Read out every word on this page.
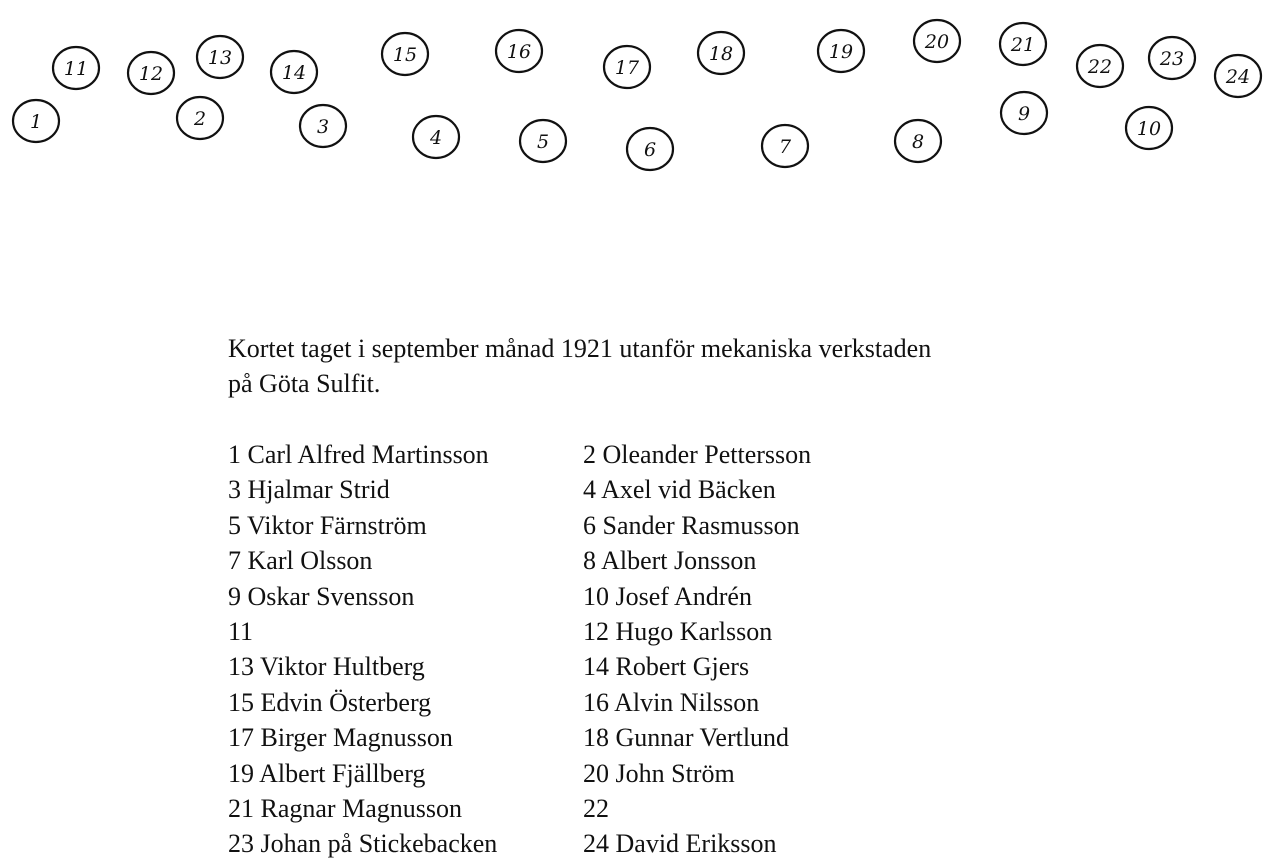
1	2	3	4	5	6	7	8
9
10
11	12
13
14
15	16
17
18	19	20	21
22	23
24
Kortet taget i september månad 1921 utanför mekaniska verkstaden
på Göta Sulfit.
1 Carl Alfred Martinsson	2 Oleander Pettersson
3 Hjalmar Strid	4 Axel vid Bäcken
5 Viktor Färnström	6 Sander Rasmusson
7 Karl Olsson	8 Albert Jonsson
9 Oskar Svensson	10 Josef Andrén
11	12 Hugo Karlsson
13 Viktor Hultberg	14 Robert Gjers
15 Edvin Österberg	16 Alvin Nilsson
17 Birger Magnusson	18 Gunnar Vertlund
19 Albert Fjällberg	20 John Ström
21 Ragnar Magnusson	22
23 Johan på Stickebacken	24 David Eriksson
